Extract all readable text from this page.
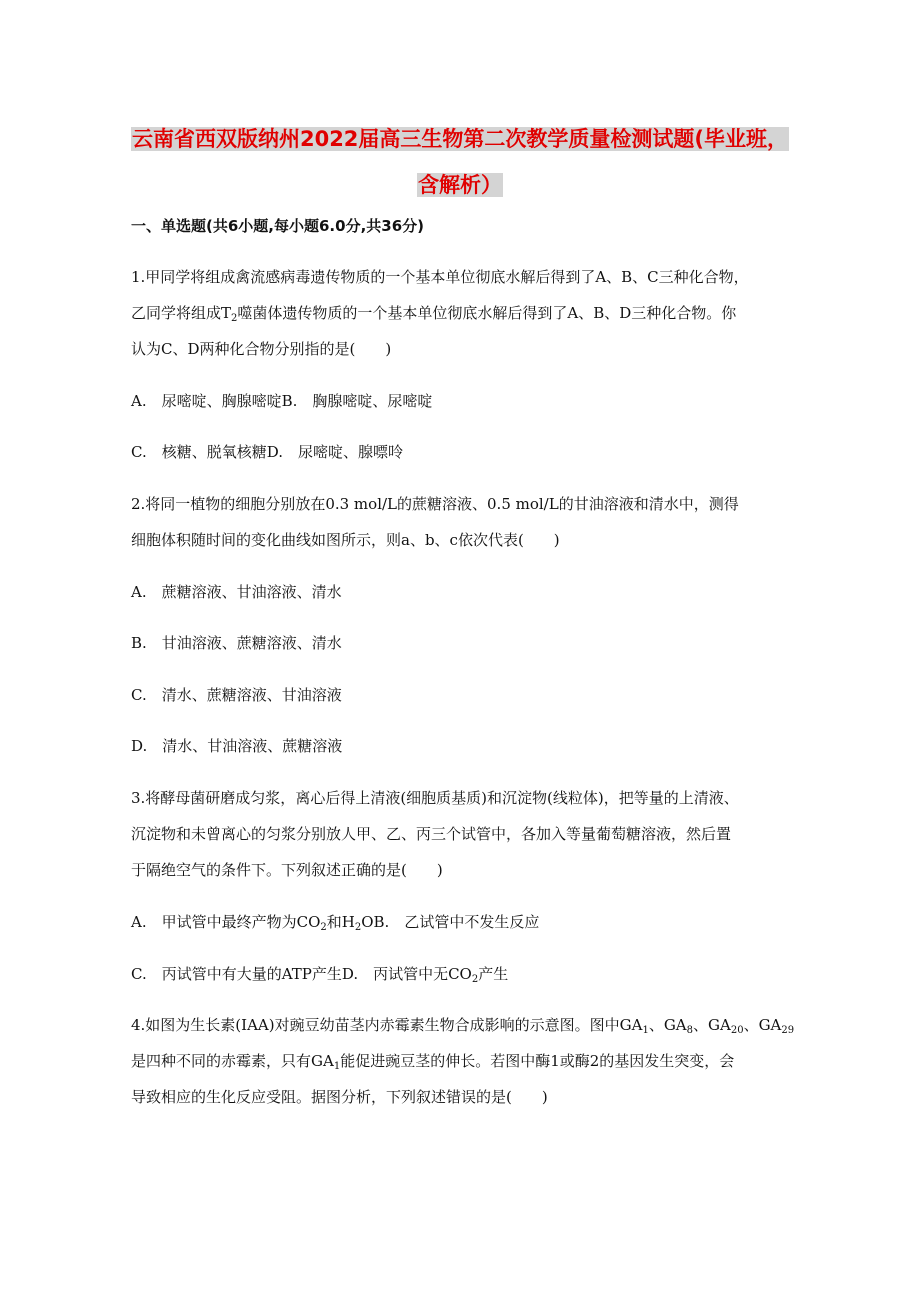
云南省西双版纳州2022届高三生物第二次教学质量检测试题(毕业班，
含解析）
一、单选题(共6小题,每小题6.0分,共36分)
1.甲同学将组成禽流感病毒遗传物质的一个基本单位彻底水解后得到了A、B、C三种化合物，
乙同学将组成$T_2$噬菌体遗传物质的一个基本单位彻底水解后得到了A、B、D三种化合物。你
认为C、D两种化合物分别指的是(　　)
A.　尿嘧啶、胸腺嘧啶B.　胸腺嘧啶、尿嘧啶
C.　核糖、脱氧核糖D.　尿嘧啶、腺嘌呤
2.将同一植物的细胞分别放在0.3 mol/L的蔗糖溶液、0.5 mol/L的甘油溶液和清水中，测得
细胞体积随时间的变化曲线如图所示，则a、b、c依次代表(　　)
A.　蔗糖溶液、甘油溶液、清水
B.　甘油溶液、蔗糖溶液、清水
C.　清水、蔗糖溶液、甘油溶液
D.　清水、甘油溶液、蔗糖溶液
3.将酵母菌研磨成匀浆，离心后得上清液(细胞质基质)和沉淀物(线粒体)，把等量的上清液、
沉淀物和未曾离心的匀浆分别放人甲、乙、丙三个试管中，各加入等量葡萄糖溶液，然后置
于隔绝空气的条件下。下列叙述正确的是(　　)
A.　甲试管中最终产物为$CO_2$和$H_2OB$.　乙试管中不发生反应
C.　丙试管中有大量的ATP产生D.　丙试管中无$CO_2$产生
4.如图为生长素(IAA)对豌豆幼苗茎内赤霉素生物合成影响的示意图。图中$GA_1$、$GA_8$、$GA_{20}$、$GA_{29}$
是四种不同的赤霉素，只有$GA_1$能促进豌豆茎的伸长。若图中酶1或酶2的基因发生突变，会
导致相应的生化反应受阻。据图分析，下列叙述错误的是(　　)
